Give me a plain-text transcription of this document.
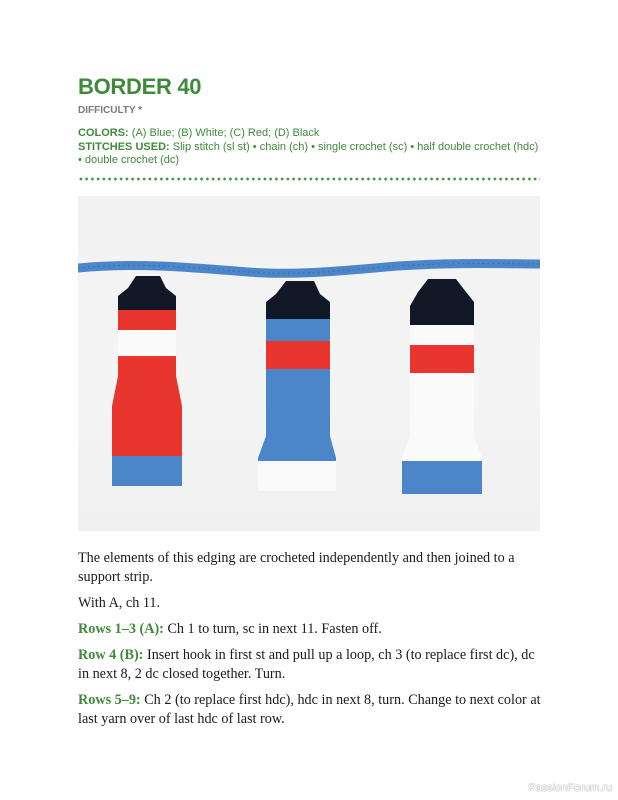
BORDER 40
DIFFICULTY *
COLORS: (A) Blue; (B) White; (C) Red; (D) Black
STITCHES USED: Slip stitch (sl st) • chain (ch) • single crochet (sc) • half double crochet (hdc) • double crochet (dc)

The elements of this edging are crocheted independently and then joined to a support strip.

With A, ch 11.

Rows 1–3 (A): Ch 1 to turn, sc in next 11. Fasten off.

Row 4 (B): Insert hook in first st and pull up a loop, ch 3 (to replace first dc), dc in next 8, 2 dc closed together. Turn.

Rows 5–9: Ch 2 (to replace first hdc), hdc in next 8, turn. Change to next color at last yarn over of last hdc of last row.

PassionForum.ru
